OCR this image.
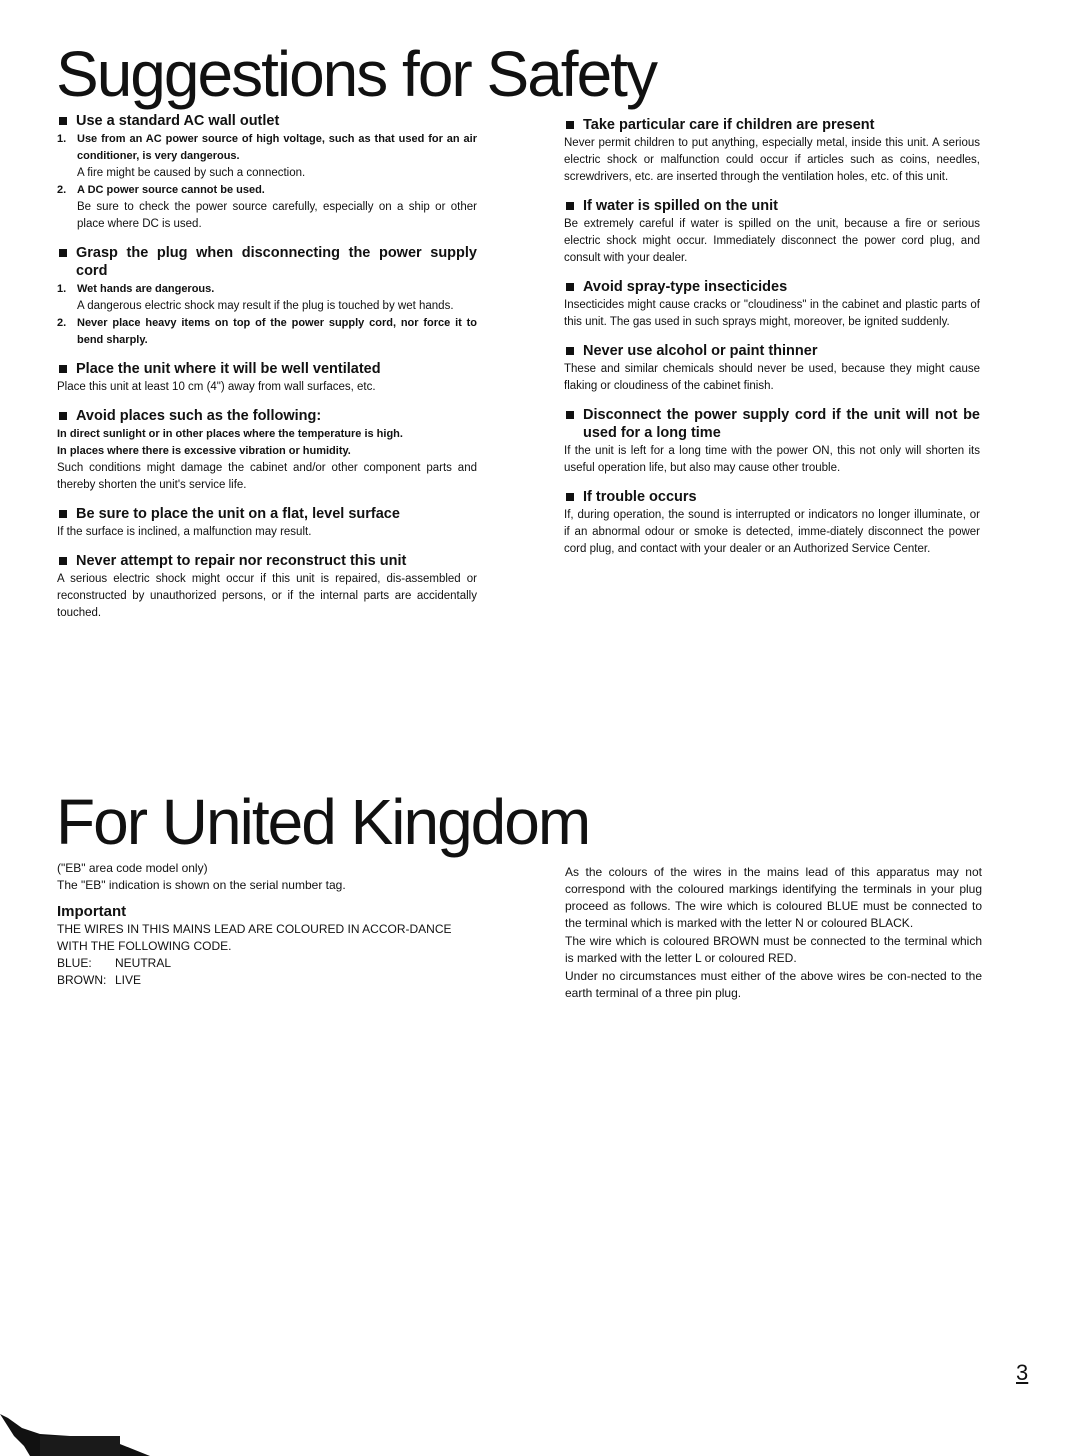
Suggestions for Safety
Use a standard AC wall outlet
1. Use from an AC power source of high voltage, such as that used for an air conditioner, is very dangerous.

A fire might be caused by such a connection.

2. A DC power source cannot be used.

Be sure to check the power source carefully, especially on a ship or other place where DC is used.

Grasp the plug when disconnecting the power supply cord
1. Wet hands are dangerous.

A dangerous electric shock may result if the plug is touched by wet hands.

2. Never place heavy items on top of the power supply cord, nor force it to bend sharply.

Place the unit where it will be well ventilated

Place this unit at least 10 cm (4") away from wall surfaces, etc.

Avoid places such as the following:

In direct sunlight or in other places where the temperature is high.

In places where there is excessive vibration or humidity.

Such conditions might damage the cabinet and/or other component parts and thereby shorten the unit's service life.

Be sure to place the unit on a flat, level surface

If the surface is inclined, a malfunction may result.

Never attempt to repair nor reconstruct this unit

A serious electric shock might occur if this unit is repaired, dis-assembled or reconstructed by unauthorized persons, or if the internal parts are accidentally touched.

Take particular care if children are present

Never permit children to put anything, especially metal, inside this unit. A serious electric shock or malfunction could occur if articles such as coins, needles, screwdrivers, etc. are inserted through the ventilation holes, etc. of this unit.

If water is spilled on the unit

Be extremely careful if water is spilled on the unit, because a fire or serious electric shock might occur. Immediately disconnect the power cord plug, and consult with your dealer.

Avoid spray-type insecticides

Insecticides might cause cracks or "cloudiness" in the cabinet and plastic parts of this unit. The gas used in such sprays might, moreover, be ignited suddenly.

Never use alcohol or paint thinner

These and similar chemicals should never be used, because they might cause flaking or cloudiness of the cabinet finish.

Disconnect the power supply cord if the unit will not be used for a long time

If the unit is left for a long time with the power ON, this not only will shorten its useful operation life, but also may cause other trouble.

If trouble occurs

If, during operation, the sound is interrupted or indicators no longer illuminate, or if an abnormal odour or smoke is detected, imme-diately disconnect the power cord plug, and contact with your dealer or an Authorized Service Center.

For United Kingdom

("EB" area code model only)

The "EB" indication is shown on the serial number tag.

Important

THE WIRES IN THIS MAINS LEAD ARE COLOURED IN ACCOR-DANCE WITH THE FOLLOWING CODE.

BLUE:	NEUTRAL
BROWN: LIVE

As the colours of the wires in the mains lead of this apparatus may not correspond with the coloured markings identifying the terminals in your plug proceed as follows. The wire which is coloured BLUE must be connected to the terminal which is marked with the letter N or coloured BLACK.

The wire which is coloured BROWN must be connected to the terminal which is marked with the letter L or coloured RED.

Under no circumstances must either of the above wires be con-nected to the earth terminal of a three pin plug.

3
